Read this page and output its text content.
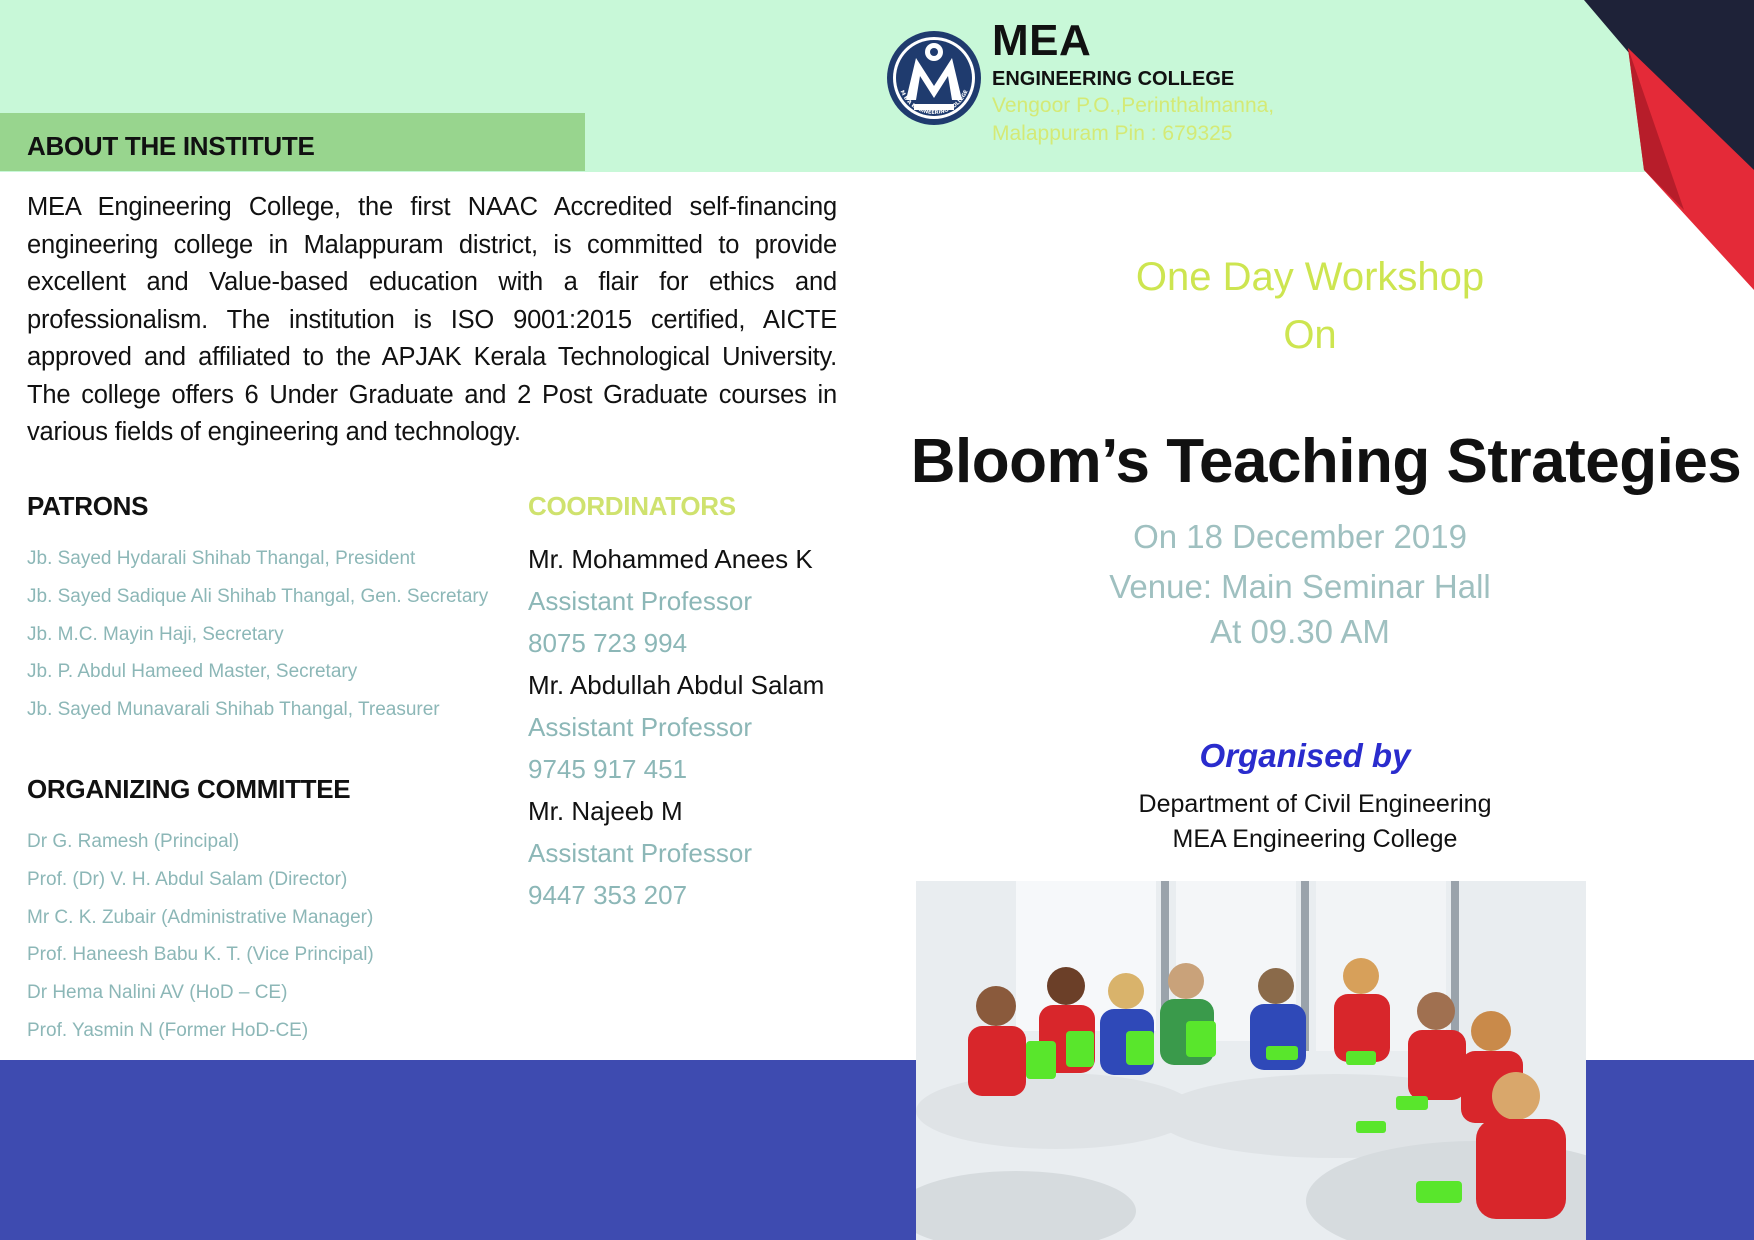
ABOUT THE INSTITUTE
MEA Engineering College, the first NAAC Accredited self-financing engineering college in Malappuram district, is committed to provide excellent and Value-based education with a flair for ethics and professionalism. The institution is ISO 9001:2015 certified, AICTE approved and affiliated to the APJAK Kerala Technological University. The college offers 6 Under Graduate and 2 Post Graduate courses in various fields of engineering and technology.
PATRONS
Jb. Sayed Hydarali Shihab Thangal, President
Jb. Sayed Sadique Ali Shihab Thangal, Gen. Secretary
Jb. M.C. Mayin Haji, Secretary
Jb. P. Abdul Hameed Master, Secretary
Jb. Sayed Munavarali Shihab Thangal, Treasurer
ORGANIZING COMMITTEE
Dr G. Ramesh (Principal)
Prof. (Dr) V. H. Abdul Salam (Director)
Mr C. K. Zubair (Administrative Manager)
Prof. Haneesh Babu K. T. (Vice Principal)
Dr Hema Nalini AV (HoD – CE)
Prof. Yasmin N (Former HoD-CE)
COORDINATORS
Mr. Mohammed Anees K
Assistant Professor
8075 723 994
Mr. Abdullah Abdul Salam
Assistant Professor
9745 917 451
Mr. Najeeb M
Assistant Professor
9447 353 207
M E A ENGINEERING COLLEGE
MEA
ENGINEERING COLLEGE
Vengoor P.O.,Perinthalmanna,
Malappuram Pin : 679325
One Day Workshop
On
Bloom’s Teaching Strategies
On 18 December 2019
Venue: Main Seminar Hall
At 09.30 AM
Organised by
Department of Civil Engineering
MEA Engineering College
